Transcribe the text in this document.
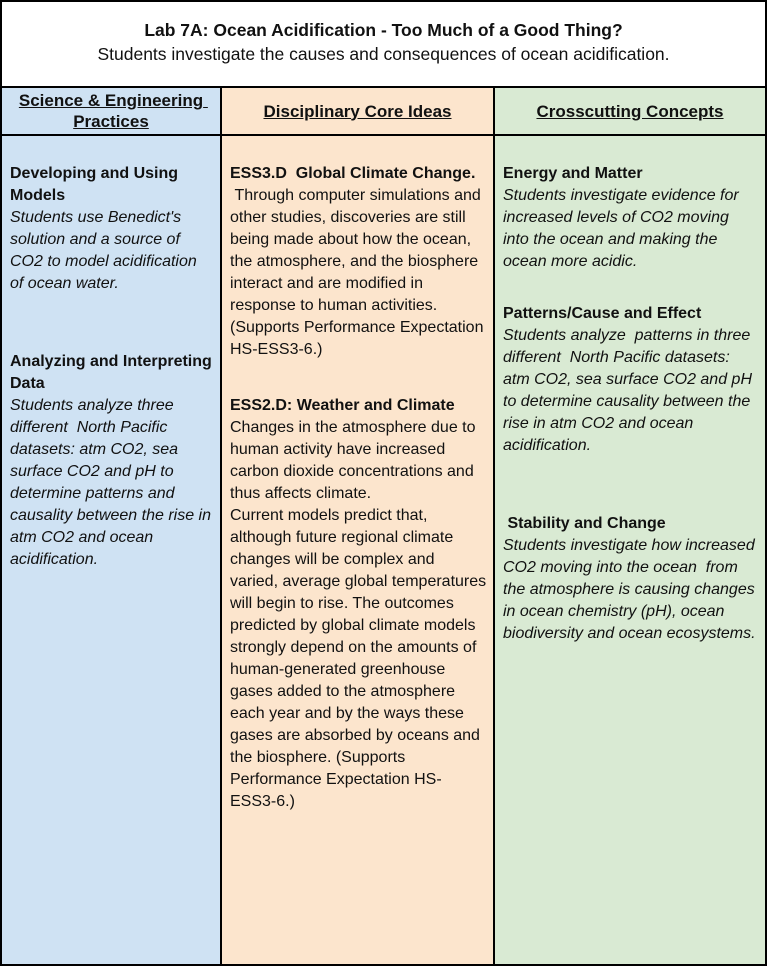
Lab 7A: Ocean Acidification - Too Much of a Good Thing?
Students investigate the causes and consequences of ocean acidification.
Science & Engineering Practices
Disciplinary Core Ideas	Crosscutting Concepts
Developing and Using Models
Students use Benedict's solution and a source of CO2 to model acidification of ocean water.
Analyzing and Interpreting Data
Students analyze three different  North Pacific datasets: atm CO2, sea surface CO2 and pH to determine patterns and causality between the rise in atm CO2 and ocean acidification.
ESS3.D  Global Climate Change.
Through computer simulations and other studies, discoveries are still being made about how the ocean, the atmosphere, and the biosphere interact and are modified in response to human activities. (Supports Performance Expectation HS-ESS3-6.)
ESS2.D: Weather and Climate
Changes in the atmosphere due to human activity have increased carbon dioxide concentrations and thus affects climate.
Current models predict that, although future regional climate changes will be complex and varied, average global temperatures will begin to rise. The outcomes predicted by global climate models strongly depend on the amounts of human-generated greenhouse gases added to the atmosphere each year and by the ways these gases are absorbed by oceans and the biosphere. (Supports Performance Expectation HS-ESS3-6.)
Energy and Matter
Students investigate evidence for increased levels of CO2 moving into the ocean and making the ocean more acidic.
Patterns/Cause and Effect
Students analyze  patterns in three different  North Pacific datasets: atm CO2, sea surface CO2 and pH to determine causality between the rise in atm CO2 and ocean acidification.
Stability and Change
Students investigate how increased CO2 moving into the ocean  from the atmosphere is causing changes in ocean chemistry (pH), ocean biodiversity and ocean ecosystems.
